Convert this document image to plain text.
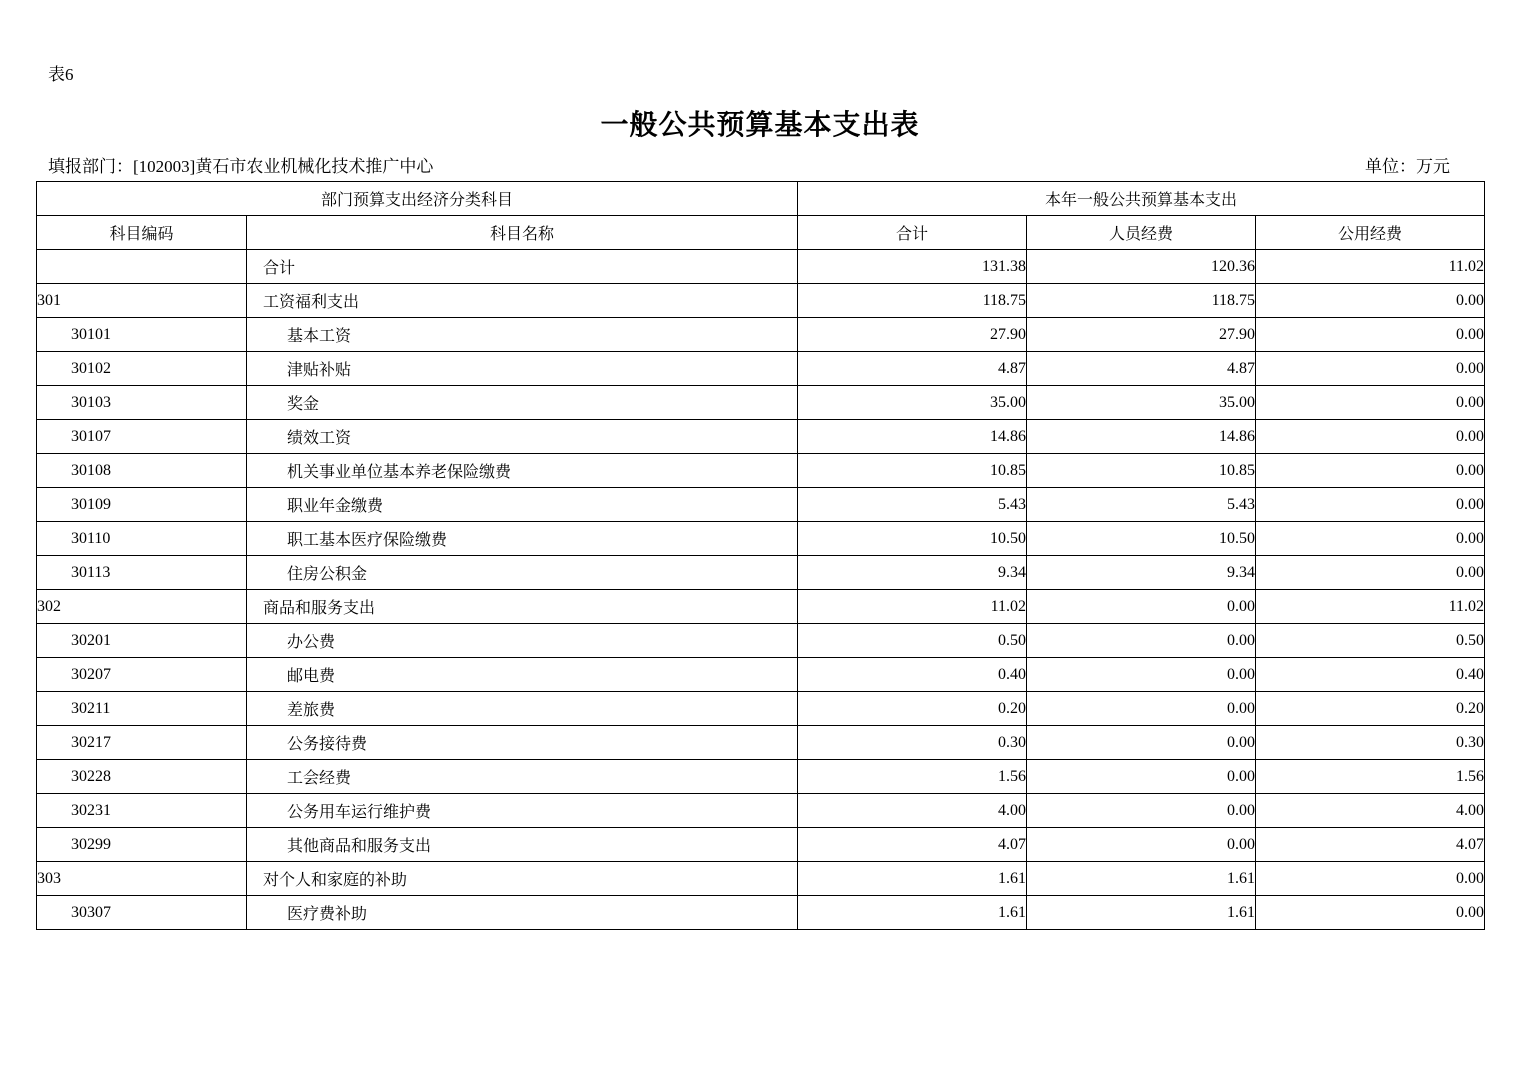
表6
一般公共预算基本支出表
填报部门：[102003]黄石市农业机械化技术推广中心	单位：万元
部门预算支出经济分类科目		本年一般公共预算基本支出		
科目编码	科目名称	合计	人员经费	公用经费
	合计	131.38	120.36	11.02
301	工资福利支出	118.75	118.75	0.00
30101	基本工资	27.90	27.90	0.00
30102	津贴补贴	4.87	4.87	0.00
30103	奖金	35.00	35.00	0.00
30107	绩效工资	14.86	14.86	0.00
30108	机关事业单位基本养老保险缴费	10.85	10.85	0.00
30109	职业年金缴费	5.43	5.43	0.00
30110	职工基本医疗保险缴费	10.50	10.50	0.00
30113	住房公积金	9.34	9.34	0.00
302	商品和服务支出	11.02	0.00	11.02
30201	办公费	0.50	0.00	0.50
30207	邮电费	0.40	0.00	0.40
30211	差旅费	0.20	0.00	0.20
30217	公务接待费	0.30	0.00	0.30
30228	工会经费	1.56	0.00	1.56
30231	公务用车运行维护费	4.00	0.00	4.00
30299	其他商品和服务支出	4.07	0.00	4.07
303	对个人和家庭的补助	1.61	1.61	0.00
30307	医疗费补助	1.61	1.61	0.00
